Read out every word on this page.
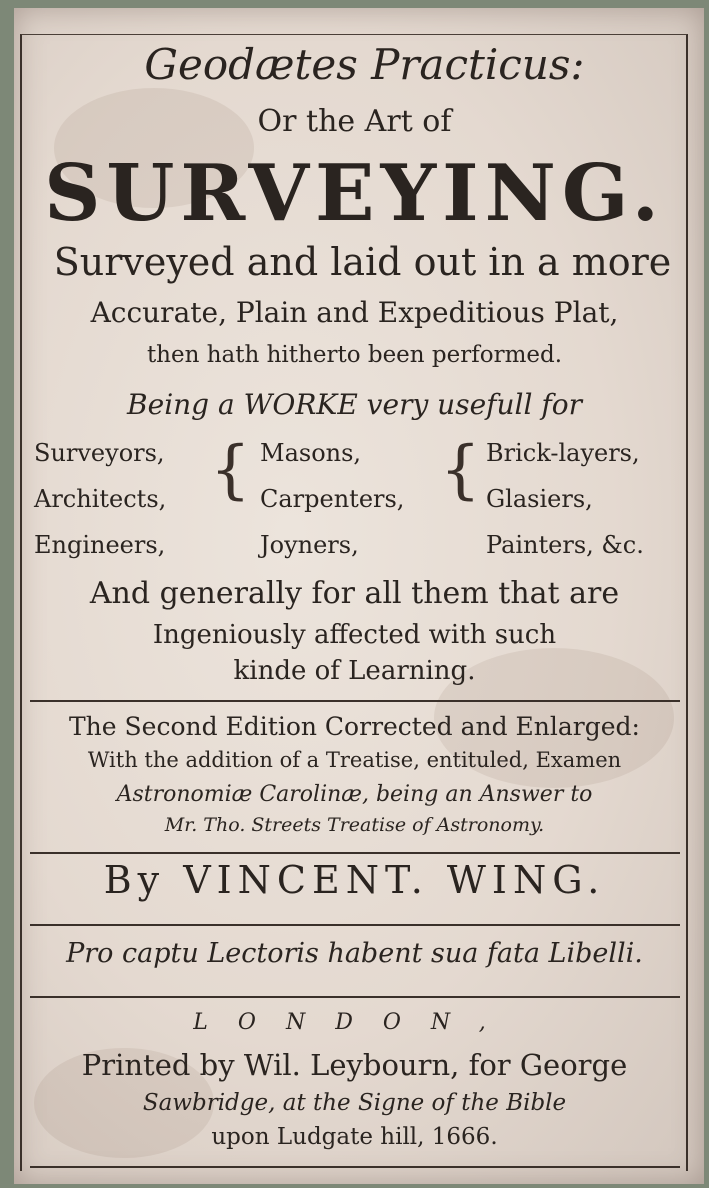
Geodætes Practicus:
Or the Art of
SURVEYING.
Surveyed and laid out in a more
Accurate, Plain and Expeditious Plat,
then hath hitherto been performed.
Being a WORKE very usefull for
Surveyors,
Architects,
Engineers,
{ Masons,
Carpenters,
Joyners,
{ Brick-layers,
Glasiers,
Painters, &c.
And generally for all them that are
Ingeniously affected with such
kinde of Learning.
The Second Edition Corrected and Enlarged:
With the addition of a Treatise, entituled, Examen
Astronomiæ Carolinæ, being an Answer to
Mr. Tho. Streets Treatise of Astronomy.
By VINCENT. WING.
Pro captu Lectoris habent sua fata Libelli.
LONDON,
Printed by Wil. Leybourn, for George
Sawbridge, at the Signe of the Bible
upon Ludgate hill, 1666.
